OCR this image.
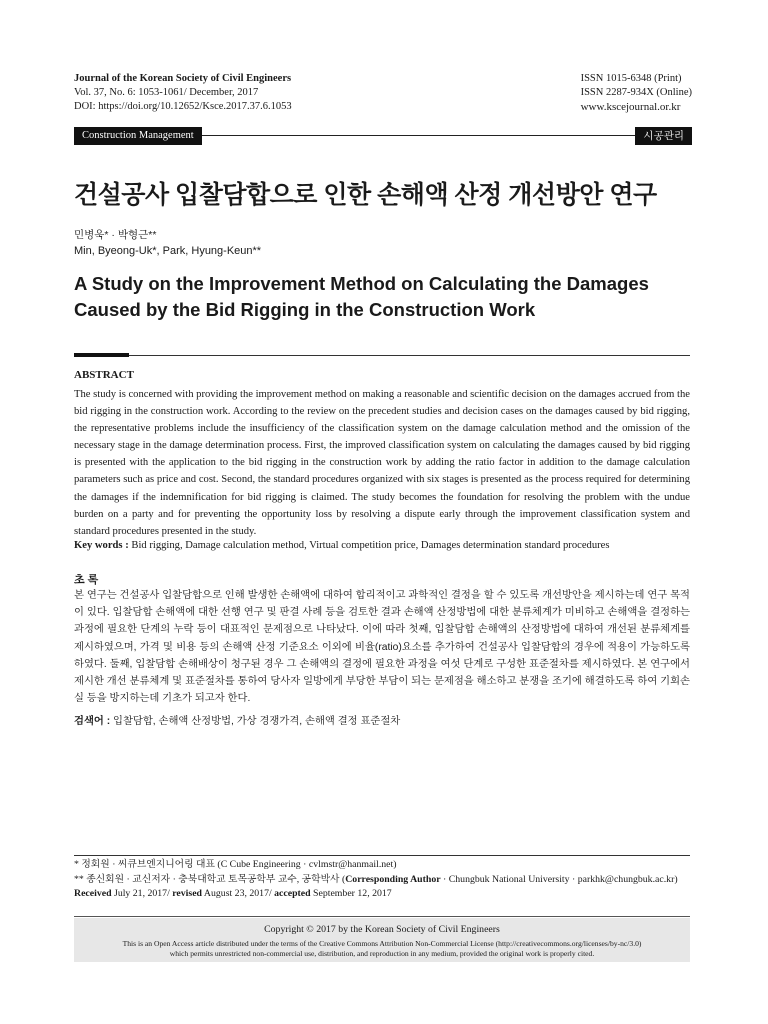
Journal of the Korean Society of Civil Engineers
Vol. 37, No. 6: 1053-1061/ December, 2017
DOI: https://doi.org/10.12652/Ksce.2017.37.6.1053
ISSN 1015-6348 (Print)
ISSN 2287-934X (Online)
www.kscejournal.or.kr
Construction Management	시공관리
건설공사 입찰담합으로 인한 손해액 산정 개선방안 연구
민병욱* · 박형근**
Min, Byeong-Uk*, Park, Hyung-Keun**
A Study on the Improvement Method on Calculating the Damages Caused by the Bid Rigging in the Construction Work
ABSTRACT
The study is concerned with providing the improvement method on making a reasonable and scientific decision on the damages accrued from the bid rigging in the construction work. According to the review on the precedent studies and decision cases on the damages caused by bid rigging, the representative problems include the insufficiency of the classification system on the damage calculation method and the omission of the necessary stage in the damage determination process. First, the improved classification system on calculating the damages caused by bid rigging is presented with the application to the bid rigging in the construction work by adding the ratio factor in addition to the damage calculation parameters such as price and cost. Second, the standard procedures organized with six stages is presented as the process required for determining the damages if the indemnification for bid rigging is claimed. The study becomes the foundation for resolving the problem with the undue burden on a party and for preventing the opportunity loss by resolving a dispute early through the improvement classification system and standard procedures presented in the study.
Key words : Bid rigging, Damage calculation method, Virtual competition price, Damages determination standard procedures
초 록
본 연구는 건설공사 입찰담합으로 인해 발생한 손해액에 대하여 합리적이고 과학적인 결정을 할 수 있도록 개선방안을 제시하는데 연구 목적이 있다. 입찰담합 손해액에 대한 선행 연구 및 판결 사례 등을 검토한 결과 손해액 산정방법에 대한 분류체계가 미비하고 손해액을 결정하는 과정에 필요한 단계의 누락 등이 대표적인 문제점으로 나타났다. 이에 따라 첫째, 입찰담합 손해액의 산정방법에 대하여 개선된 분류체계를 제시하였으며, 가격 및 비용 등의 손해액 산정 기준요소 이외에 비율(ratio)요소를 추가하여 건설공사 입찰담합의 경우에 적용이 가능하도록 하였다. 둘째, 입찰담합 손해배상이 청구된 경우 그 손해액의 결정에 필요한 과정을 여섯 단계로 구성한 표준절차를 제시하였다. 본 연구에서 제시한 개선 분류체계 및 표준절차를 통하여 당사자 일방에게 부당한 부담이 되는 문제점을 해소하고 분쟁을 조기에 해결하도록 하여 기회손실 등을 방지하는데 기초가 되고자 한다.
검색어 : 입찰담합, 손해액 산정방법, 가상 경쟁가격, 손해액 결정 표준절차
* 정회원 · 씨큐브엔지니어링 대표 (C Cube Engineering · cvlmstr@hanmail.net)
** 종신회원 · 교신저자 · 충북대학교 토목공학부 교수, 공학박사 (Corresponding Author · Chungbuk National University · parkhk@chungbuk.ac.kr)
Received July 21, 2017/ revised August 23, 2017/ accepted September 12, 2017
Copyright © 2017 by the Korean Society of Civil Engineers
This is an Open Access article distributed under the terms of the Creative Commons Attribution Non-Commercial License (http://creativecommons.org/licenses/by-nc/3.0)
which permits unrestricted non-commercial use, distribution, and reproduction in any medium, provided the original work is properly cited.
